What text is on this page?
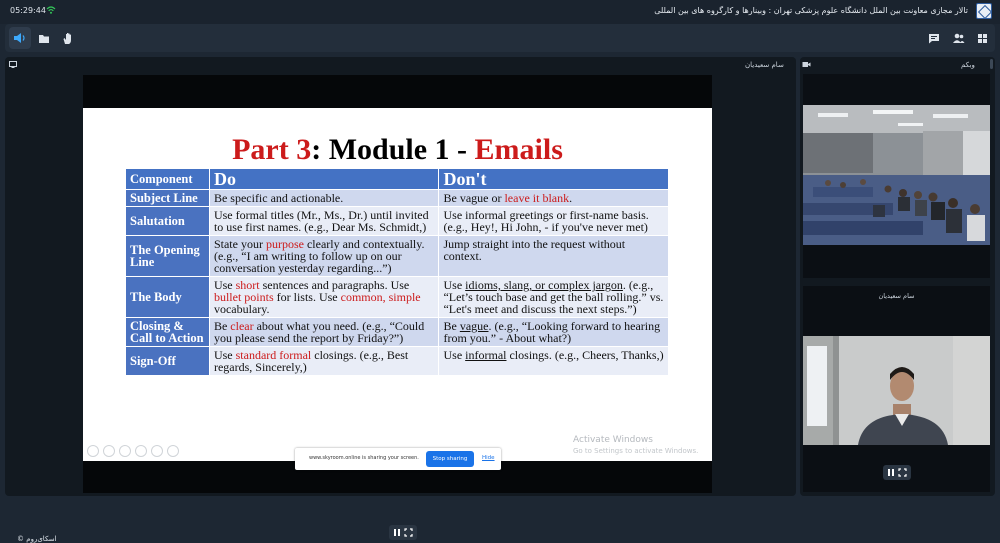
05:29:44	تالار مجازی معاونت بین الملل دانشگاه علوم پزشکی تهران : وبینارها و کارگروه های بین المللی
سام سعیدیان
Part 3: Module 1 - Emails
Component	Do	Don't
Subject Line	Be specific and actionable.	Be vague or leave it blank.
Salutation	Use formal titles (Mr., Ms., Dr.) until invited to use first names. (e.g., Dear Ms. Schmidt,)	Use informal greetings or first-name basis. (e.g., Hey!, Hi John, - if you've never met)
The Opening Line	State your purpose clearly and contextually. (e.g., “I am writing to follow up on our conversation yesterday regarding...”)	Jump straight into the request without context.
The Body	Use short sentences and paragraphs. Use bullet points for lists. Use common, simple vocabulary.	Use idioms, slang, or complex jargon. (e.g., “Let’s touch base and get the ball rolling.” vs. “Let's meet and discuss the next steps.”)
Closing & Call to Action	Be clear about what you need. (e.g., “Could you please send the report by Friday?”)	Be vague. (e.g., “Looking forward to hearing from you.” - About what?)
Sign-Off	Use standard formal closings. (e.g., Best regards, Sincerely,)	Use informal closings. (e.g., Cheers, Thanks,)
Activate Windows
Go to Settings to activate Windows.
© اسکای‌روم
www.skyroom.online is sharing your screen.	Stop sharing	Hide
وبکم
سام سعیدیان
